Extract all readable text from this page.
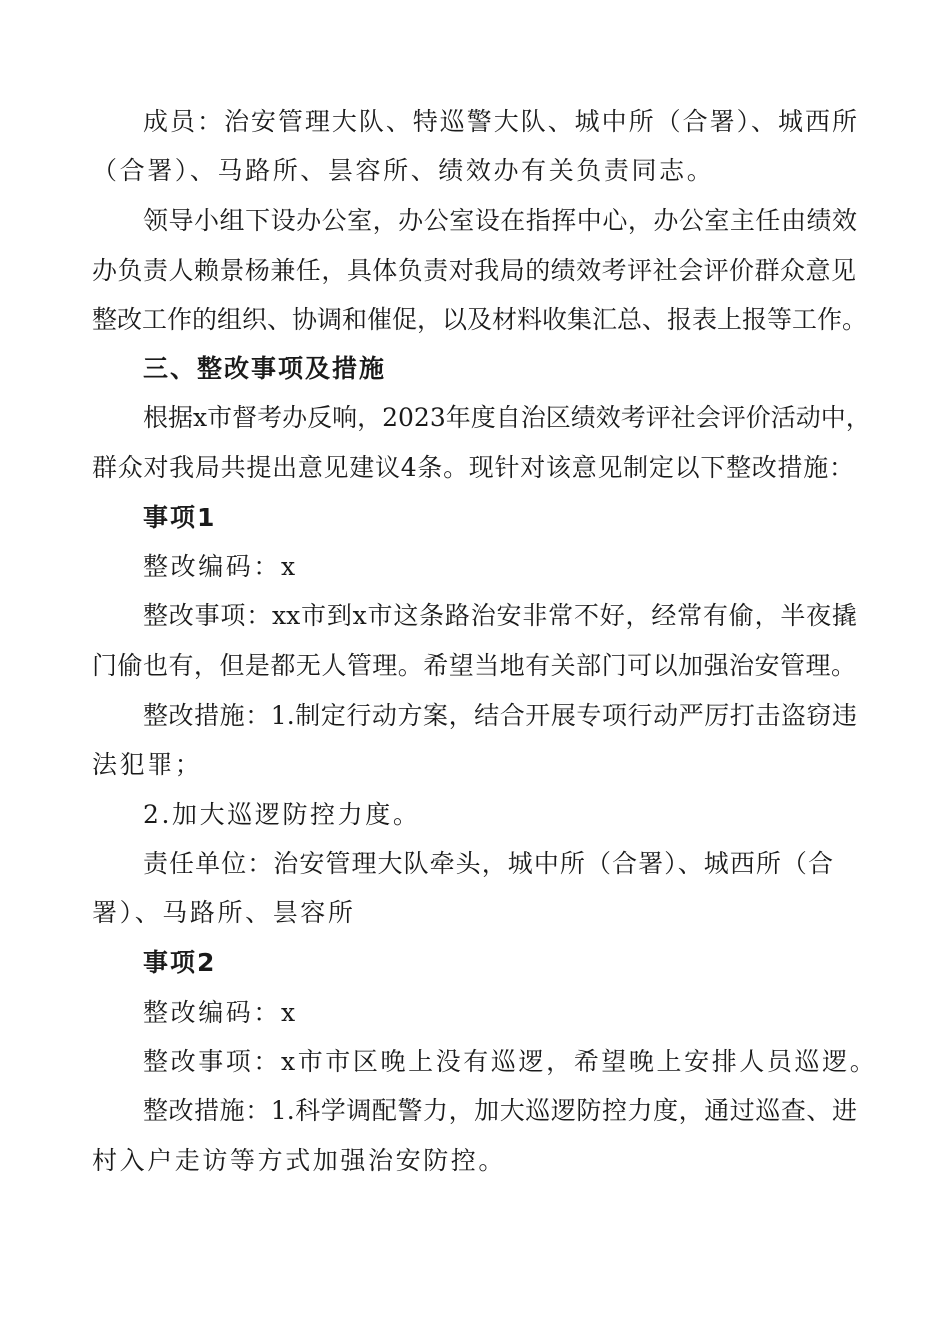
成员：治安管理大队、特巡警大队、城中所（合署）、城西所

（合署）、马路所、昙容所、绩效办有关负责同志。

领导小组下设办公室，办公室设在指挥中心，办公室主任由绩效

办负责人赖景杨兼任，具体负责对我局的绩效考评社会评价群众意见

整改工作的组织、协调和催促，以及材料收集汇总、报表上报等工作。

三、整改事项及措施

根据x市督考办反响，2023年度自治区绩效考评社会评价活动中，

群众对我局共提出意见建议4条。现针对该意见制定以下整改措施：

事项1

整改编码：x

整改事项：xx市到x市这条路治安非常不好，经常有偷，半夜撬

门偷也有，但是都无人管理。希望当地有关部门可以加强治安管理。

整改措施：1.制定行动方案，结合开展专项行动严厉打击盗窃违

法犯罪；

2.加大巡逻防控力度。

责任单位：治安管理大队牵头，城中所（合署）、城西所（合

署）、马路所、昙容所

事项2

整改编码：x

整改事项：x市市区晚上没有巡逻，希望晚上安排人员巡逻。

整改措施：1.科学调配警力，加大巡逻防控力度，通过巡查、进

村入户走访等方式加强治安防控。
